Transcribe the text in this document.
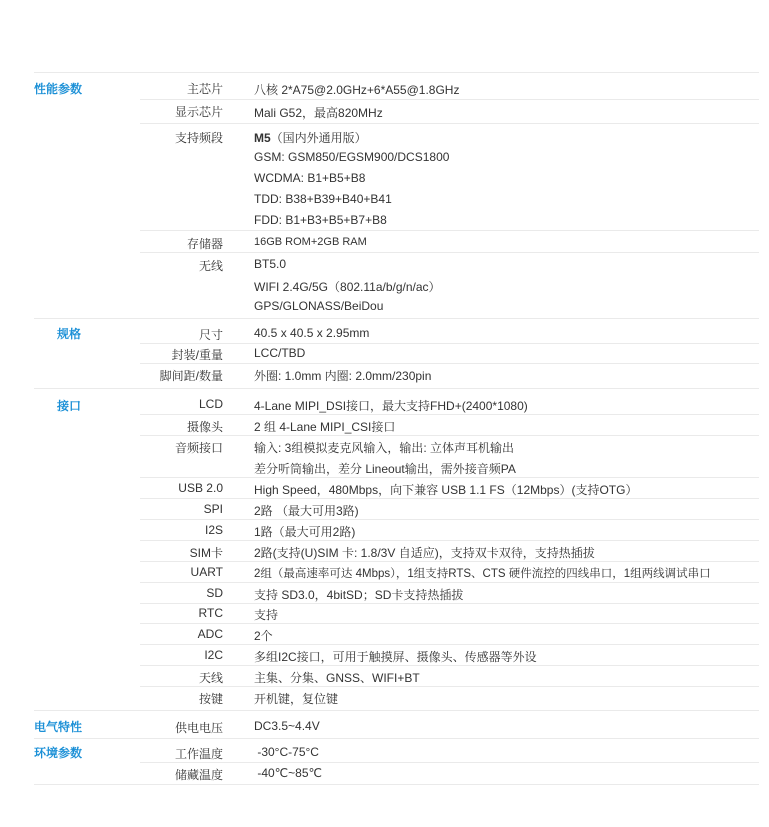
性能参数	主芯片	八核 2*A75@2.0GHz+6*A55@1.8GHz
显示芯片	Mali G52，最高820MHz
支持频段	M5（国内外通用版）
GSM: GSM850/EGSM900/DCS1800
WCDMA: B1+B5+B8
TDD: B38+B39+B40+B41
FDD: B1+B3+B5+B7+B8
存储器	16GB ROM+2GB RAM
无线	BT5.0
WIFI 2.4G/5G（802.11a/b/g/n/ac）
GPS/GLONASS/BeiDou
规格	尺寸	40.5 x 40.5 x 2.95mm
封装/重量	LCC/TBD
脚间距/数量	外圈: 1.0mm 内圈: 2.0mm/230pin
接口	LCD	4-Lane MIPI_DSI接口，最大支持FHD+(2400*1080)
摄像头	2 组 4-Lane MIPI_CSI接口
音频接口	输入: 3组模拟麦克风输入，输出: 立体声耳机输出
差分听筒输出，差分 Lineout输出，需外接音频PA
USB 2.0	High Speed，480Mbps，向下兼容 USB 1.1 FS（12Mbps）(支持OTG）
SPI	2路 （最大可用3路)
I2S	1路（最大可用2路)
SIM卡	2路(支持(U)SIM 卡: 1.8/3V 自适应)，支持双卡双待，支持热插拔
UART	2组（最高速率可达 4Mbps），1组支持RTS、CTS 硬件流控的四线串口，1组两线调试串口
SD	支持 SD3.0，4bitSD；SD卡支持热插拔
RTC	支持
ADC	2个
I2C	多组I2C接口，可用于触摸屏、摄像头、传感器等外设
天线	主集、分集、GNSS、WIFI+BT
按键	开机键，复位键
电气特性	供电电压	DC3.5~4.4V
环境参数	工作温度	-30°C-75°C
储藏温度	-40℃~85℃
